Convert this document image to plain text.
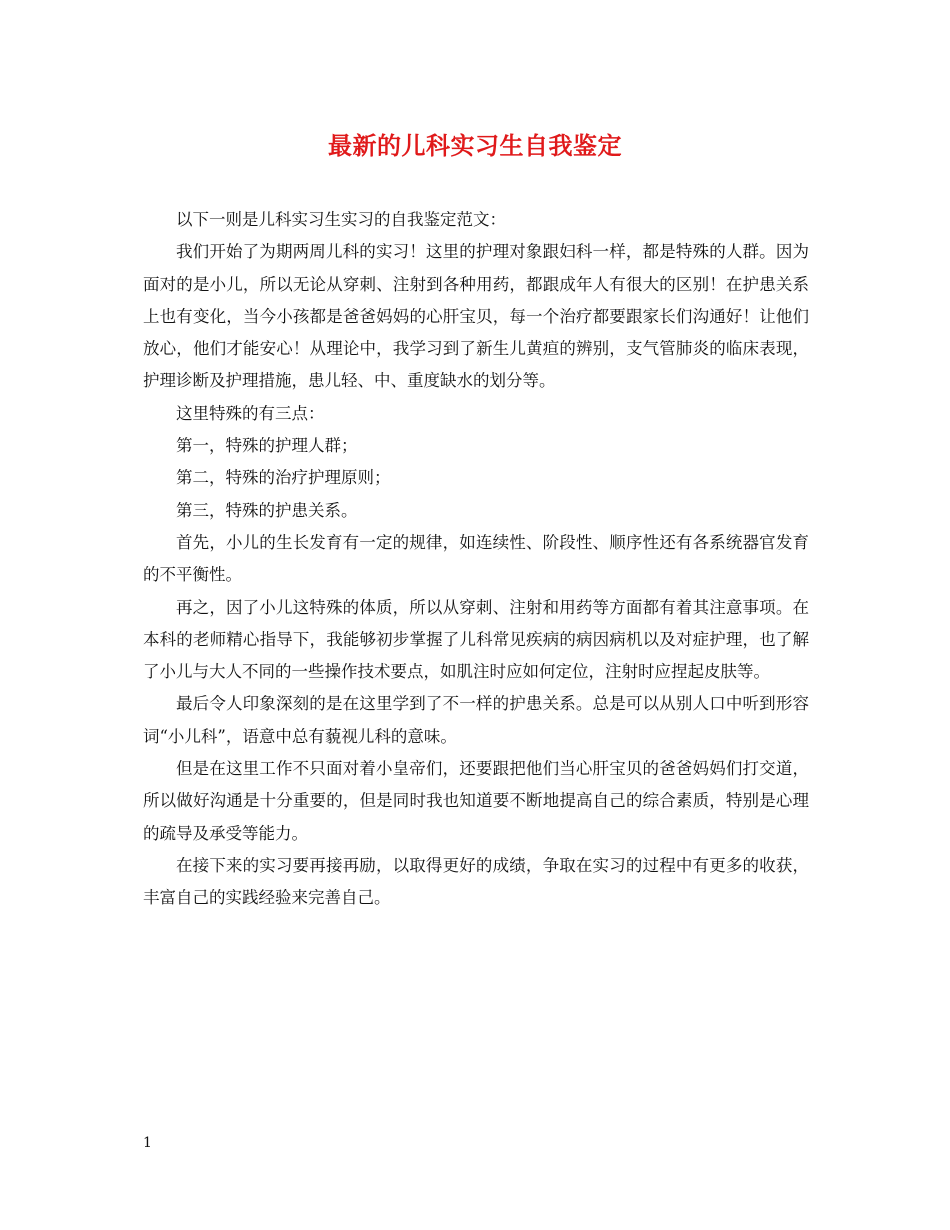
最新的儿科实习生自我鉴定

以下一则是儿科实习生实习的自我鉴定范文：

我们开始了为期两周儿科的实习！这里的护理对象跟妇科一样，都是特殊的人群。因为面对的是小儿，所以无论从穿刺、注射到各种用药，都跟成年人有很大的区别！在护患关系上也有变化，当今小孩都是爸爸妈妈的心肝宝贝，每一个治疗都要跟家长们沟通好！让他们放心，他们才能安心！从理论中，我学习到了新生儿黄疸的辨别，支气管肺炎的临床表现，护理诊断及护理措施，患儿轻、中、重度缺水的划分等。

这里特殊的有三点：

第一，特殊的护理人群；

第二，特殊的治疗护理原则；

第三，特殊的护患关系。

首先，小儿的生长发育有一定的规律，如连续性、阶段性、顺序性还有各系统器官发育的不平衡性。

再之，因了小儿这特殊的体质，所以从穿刺、注射和用药等方面都有着其注意事项。在本科的老师精心指导下，我能够初步掌握了儿科常见疾病的病因病机以及对症护理，也了解了小儿与大人不同的一些操作技术要点，如肌注时应如何定位，注射时应捏起皮肤等。

最后令人印象深刻的是在这里学到了不一样的护患关系。总是可以从别人口中听到形容词“小儿科”，语意中总有藐视儿科的意味。

但是在这里工作不只面对着小皇帝们，还要跟把他们当心肝宝贝的爸爸妈妈们打交道，所以做好沟通是十分重要的，但是同时我也知道要不断地提高自己的综合素质，特别是心理的疏导及承受等能力。

在接下来的实习要再接再励，以取得更好的成绩，争取在实习的过程中有更多的收获，丰富自己的实践经验来完善自己。

1
